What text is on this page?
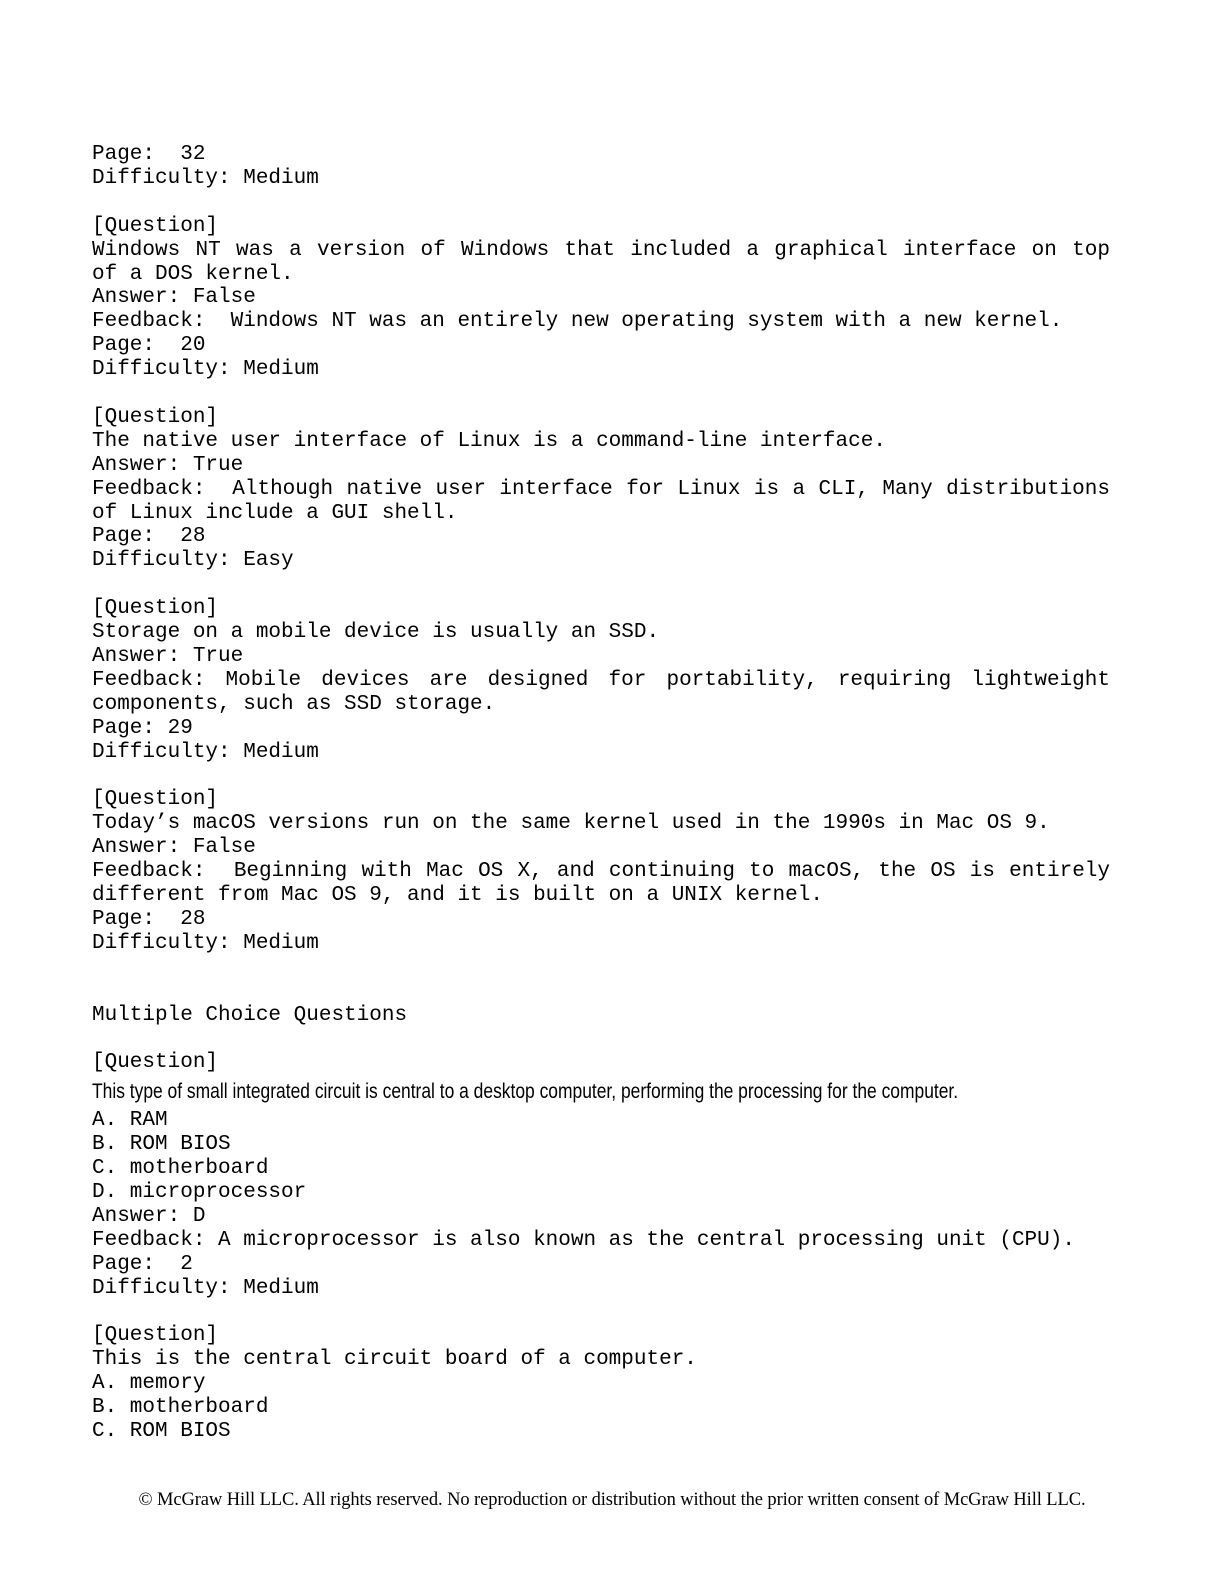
Page:  32

Difficulty: Medium

[Question]

Windows NT was a version of Windows that included a graphical interface on top of a DOS kernel.

Answer: False

Feedback:  Windows NT was an entirely new operating system with a new kernel.

Page:  20

Difficulty: Medium

[Question]

The native user interface of Linux is a command-line interface.

Answer: True

Feedback:  Although native user interface for Linux is a CLI, Many distributions of Linux include a GUI shell.

Page:  28

Difficulty: Easy

[Question]

Storage on a mobile device is usually an SSD.

Answer: True

Feedback: Mobile devices are designed for portability, requiring lightweight components, such as SSD storage.

Page: 29

Difficulty: Medium

[Question]

Today’s macOS versions run on the same kernel used in the 1990s in Mac OS 9.

Answer: False

Feedback:  Beginning with Mac OS X, and continuing to macOS, the OS is entirely different from Mac OS 9, and it is built on a UNIX kernel.

Page:  28

Difficulty: Medium

Multiple Choice Questions

[Question]

This type of small integrated circuit is central to a desktop computer, performing the processing for the computer.

A. RAM

B. ROM BIOS

C. motherboard

D. microprocessor

Answer: D

Feedback: A microprocessor is also known as the central processing unit (CPU).

Page:  2

Difficulty: Medium

[Question]

This is the central circuit board of a computer.

A. memory

B. motherboard

C. ROM BIOS

© McGraw Hill LLC. All rights reserved. No reproduction or distribution without the prior written consent of McGraw Hill LLC.
